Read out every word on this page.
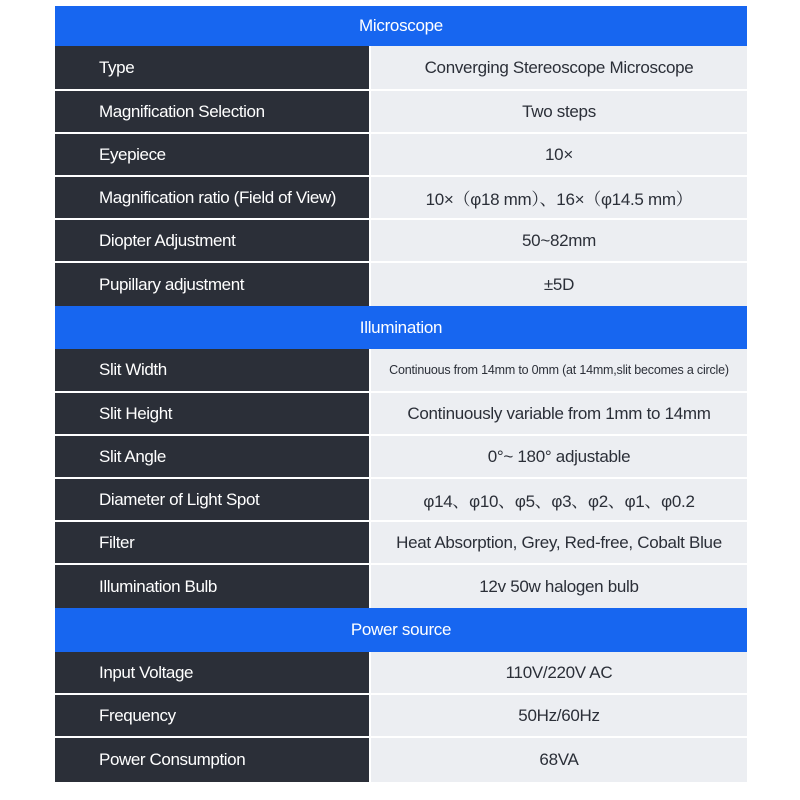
Microscope
Type	Converging Stereoscope Microscope
Magnification Selection	Two steps
Eyepiece	10×
Magnification ratio (Field of View)	10×（φ18 mm）、16×（φ14.5 mm）
Diopter Adjustment	50~82mm
Pupillary adjustment	±5D
Illumination
Slit Width	Continuous from 14mm to 0mm (at 14mm,slit becomes a circle)
Slit Height	Continuously variable from 1mm to 14mm
Slit Angle	0°~ 180° adjustable
Diameter of Light Spot	φ14、φ10、φ5、φ3、φ2、φ1、φ0.2
Filter	Heat Absorption, Grey, Red-free, Cobalt Blue
Illumination Bulb	12v 50w halogen bulb
Power source
Input Voltage	110V/220V AC
Frequency	50Hz/60Hz
Power Consumption	68VA
